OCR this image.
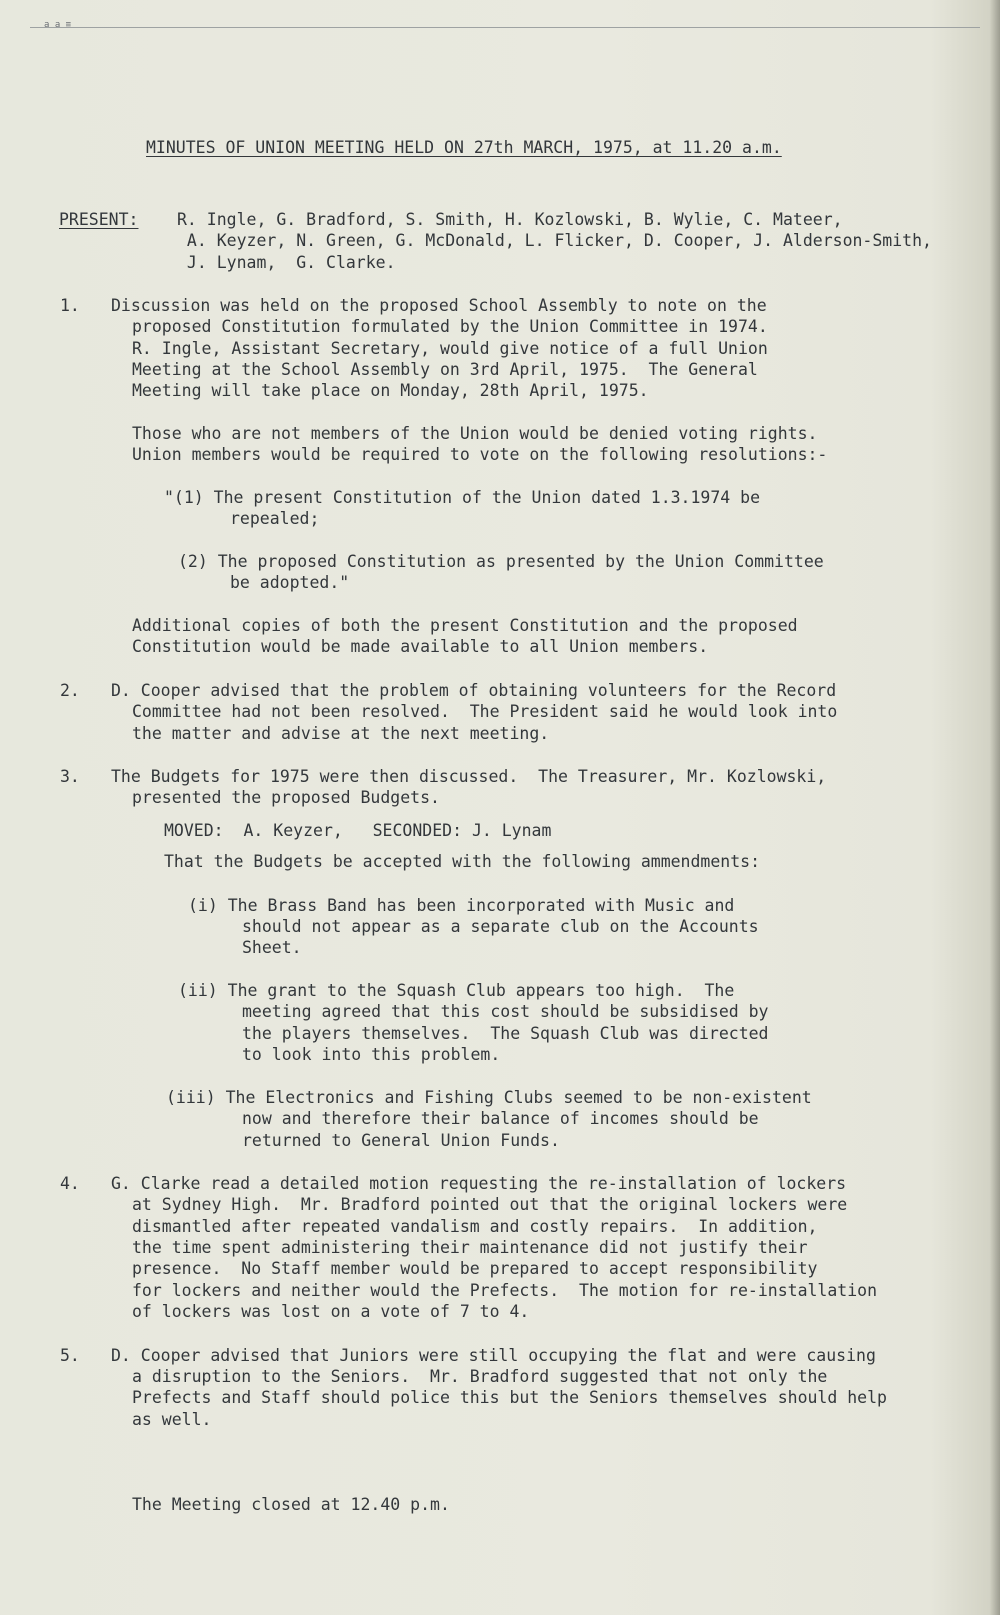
a a ≡
MINUTES OF UNION MEETING HELD ON 27th MARCH, 1975, at 11.20 a.m.
PRESENT: R. Ingle, G. Bradford, S. Smith, H. Kozlowski, B. Wylie, C. Mateer,
A. Keyzer, N. Green, G. McDonald, L. Flicker, D. Cooper, J. Alderson-Smith,
J. Lynam,  G. Clarke.
1. Discussion was held on the proposed School Assembly to note on the
proposed Constitution formulated by the Union Committee in 1974.
R. Ingle, Assistant Secretary, would give notice of a full Union
Meeting at the School Assembly on 3rd April, 1975.  The General
Meeting will take place on Monday, 28th April, 1975.
Those who are not members of the Union would be denied voting rights.
Union members would be required to vote on the following resolutions:-
"(1) The present Constitution of the Union dated 1.3.1974 be
repealed;
(2) The proposed Constitution as presented by the Union Committee
be adopted."
Additional copies of both the present Constitution and the proposed
Constitution would be made available to all Union members.
2. D. Cooper advised that the problem of obtaining volunteers for the Record
Committee had not been resolved.  The President said he would look into
the matter and advise at the next meeting.
3. The Budgets for 1975 were then discussed.  The Treasurer, Mr. Kozlowski,
presented the proposed Budgets.
MOVED:  A. Keyzer,   SECONDED: J. Lynam
That the Budgets be accepted with the following ammendments:
(i) The Brass Band has been incorporated with Music and
should not appear as a separate club on the Accounts
Sheet.
(ii) The grant to the Squash Club appears too high.  The
meeting agreed that this cost should be subsidised by
the players themselves.  The Squash Club was directed
to look into this problem.
(iii) The Electronics and Fishing Clubs seemed to be non-existent
now and therefore their balance of incomes should be
returned to General Union Funds.
4. G. Clarke read a detailed motion requesting the re-installation of lockers
at Sydney High.  Mr. Bradford pointed out that the original lockers were
dismantled after repeated vandalism and costly repairs.  In addition,
the time spent administering their maintenance did not justify their
presence.  No Staff member would be prepared to accept responsibility
for lockers and neither would the Prefects.  The motion for re-installation
of lockers was lost on a vote of 7 to 4.
5. D. Cooper advised that Juniors were still occupying the flat and were causing
a disruption to the Seniors.  Mr. Bradford suggested that not only the
Prefects and Staff should police this but the Seniors themselves should help
as well.
The Meeting closed at 12.40 p.m.
